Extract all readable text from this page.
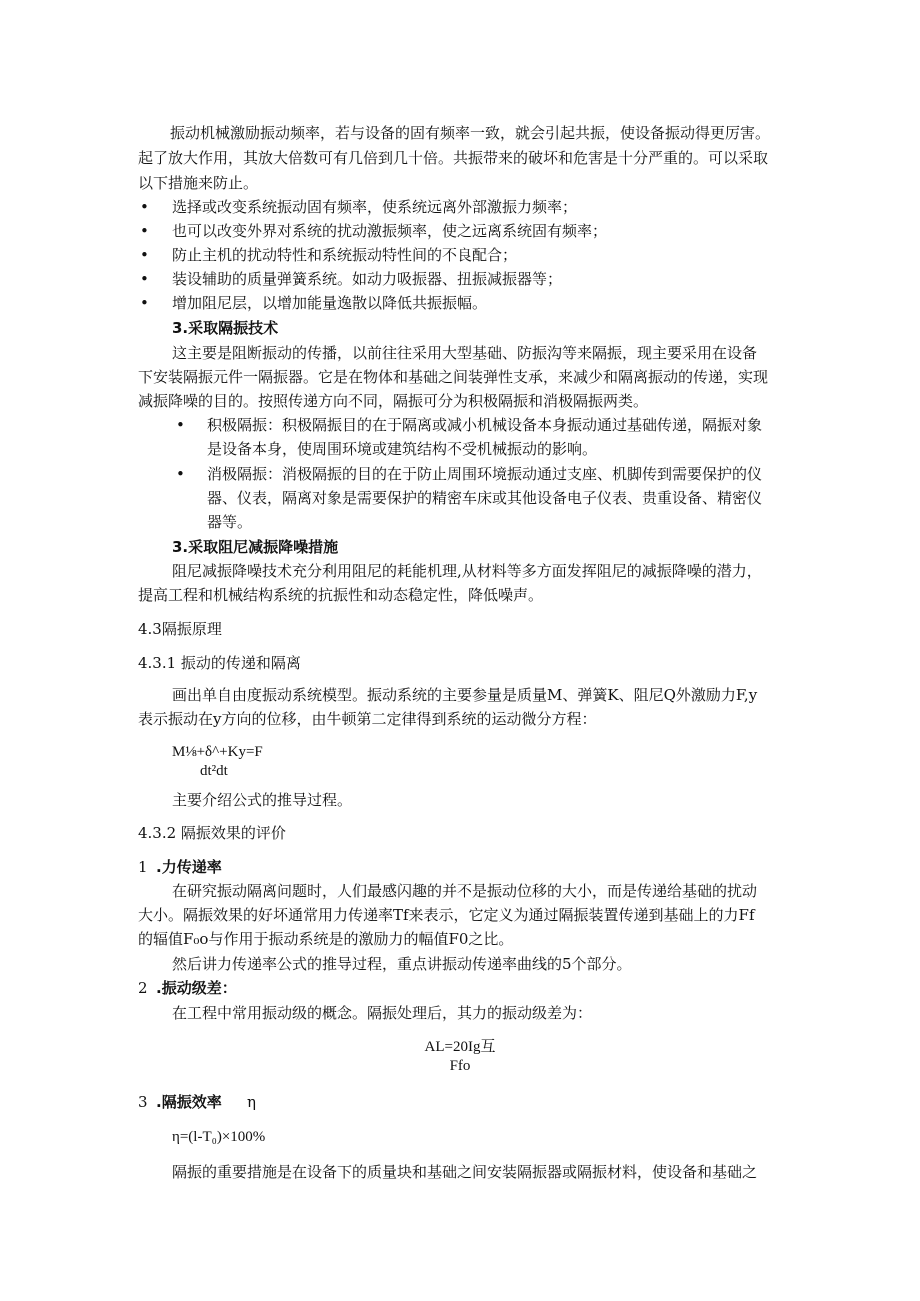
振动机械激励振动频率，若与设备的固有频率一致，就会引起共振，使设备振动得更厉害。
起了放大作用，其放大倍数可有几倍到几十倍。共振带来的破坏和危害是十分严重的。可以采取
以下措施来防止。
• 选择或改变系统振动固有频率，使系统远离外部激振力频率；
• 也可以改变外界对系统的扰动激振频率，使之远离系统固有频率；
• 防止主机的扰动特性和系统振动特性间的不良配合；
• 装设辅助的质量弹簧系统。如动力吸振器、扭振减振器等；
• 增加阻尼层，以增加能量逸散以降低共振振幅。
3.采取隔振技术
这主要是阻断振动的传播，以前往往采用大型基础、防振沟等来隔振，现主要采用在设备
下安装隔振元件一隔振器。它是在物体和基础之间装弹性支承，来减少和隔离振动的传递，实现
减振降噪的目的。按照传递方向不同，隔振可分为积极隔振和消极隔振两类。
• 积极隔振：积极隔振目的在于隔离或减小机械设备本身振动通过基础传递，隔振对象
是设备本身，使周围环境或建筑结构不受机械振动的影响。
• 消极隔振：消极隔振的目的在于防止周围环境振动通过支座、机脚传到需要保护的仪
器、仪表，隔离对象是需要保护的精密车床或其他设备电子仪表、贵重设备、精密仪
器等。
3.采取阻尼减振降噪措施
阻尼减振降噪技术充分利用阻尼的耗能机理,从材料等多方面发挥阻尼的减振降噪的潜力，
提高工程和机械结构系统的抗振性和动态稳定性，降低噪声。
4.3隔振原理
4.3.1 振动的传递和隔离
画出单自由度振动系统模型。振动系统的主要参量是质量M、弹簧K、阻尼Q外激励力F,y
表示振动在y方向的位移，由牛顿第二定律得到系统的运动微分方程：
M⅛+δ^+Ky=F
dt²dt
主要介绍公式的推导过程。
4.3.2 隔振效果的评价
1 .力传递率
在研究振动隔离问题时，人们最感闪趣的并不是振动位移的大小，而是传递给基础的扰动
大小。隔振效果的好坏通常用力传递率Tf来表示，它定义为通过隔振装置传递到基础上的力Ff
的辐值F₀o与作用于振动系统是的激励力的幅值F0之比。
然后讲力传递率公式的推导过程，重点讲振动传递率曲线的5个部分。
2 .振动级差：
在工程中常用振动级的概念。隔振处理后，其力的振动级差为：
AL=20Ig互
Ffo
3 .隔振效率 η
η=(l-T₀)×100%
隔振的重要措施是在设备下的质量块和基础之间安装隔振器或隔振材料，使设备和基础之
